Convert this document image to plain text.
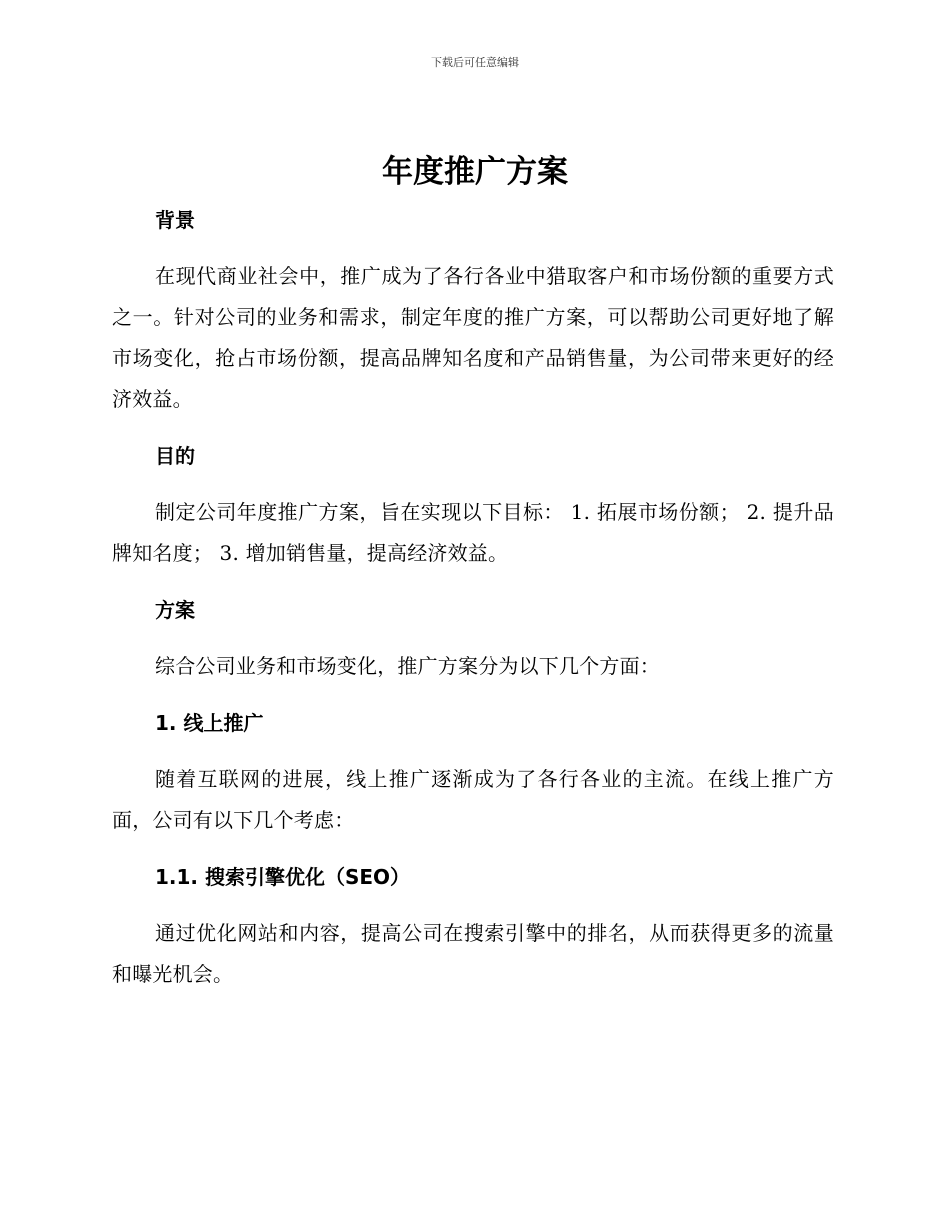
下载后可任意编辑
年度推广方案
背景

在现代商业社会中，推广成为了各行各业中猎取客户和市场份额的重要方式之一。针对公司的业务和需求，制定年度的推广方案，可以帮助公司更好地了解市场变化，抢占市场份额，提高品牌知名度和产品销售量，为公司带来更好的经济效益。

目的

制定公司年度推广方案，旨在实现以下目标： 1. 拓展市场份额； 2. 提升品牌知名度； 3. 增加销售量，提高经济效益。

方案

综合公司业务和市场变化，推广方案分为以下几个方面：

1. 线上推广

随着互联网的进展，线上推广逐渐成为了各行各业的主流。在线上推广方面，公司有以下几个考虑：

1.1. 搜索引擎优化（SEO）

通过优化网站和内容，提高公司在搜索引擎中的排名，从而获得更多的流量和曝光机会。
